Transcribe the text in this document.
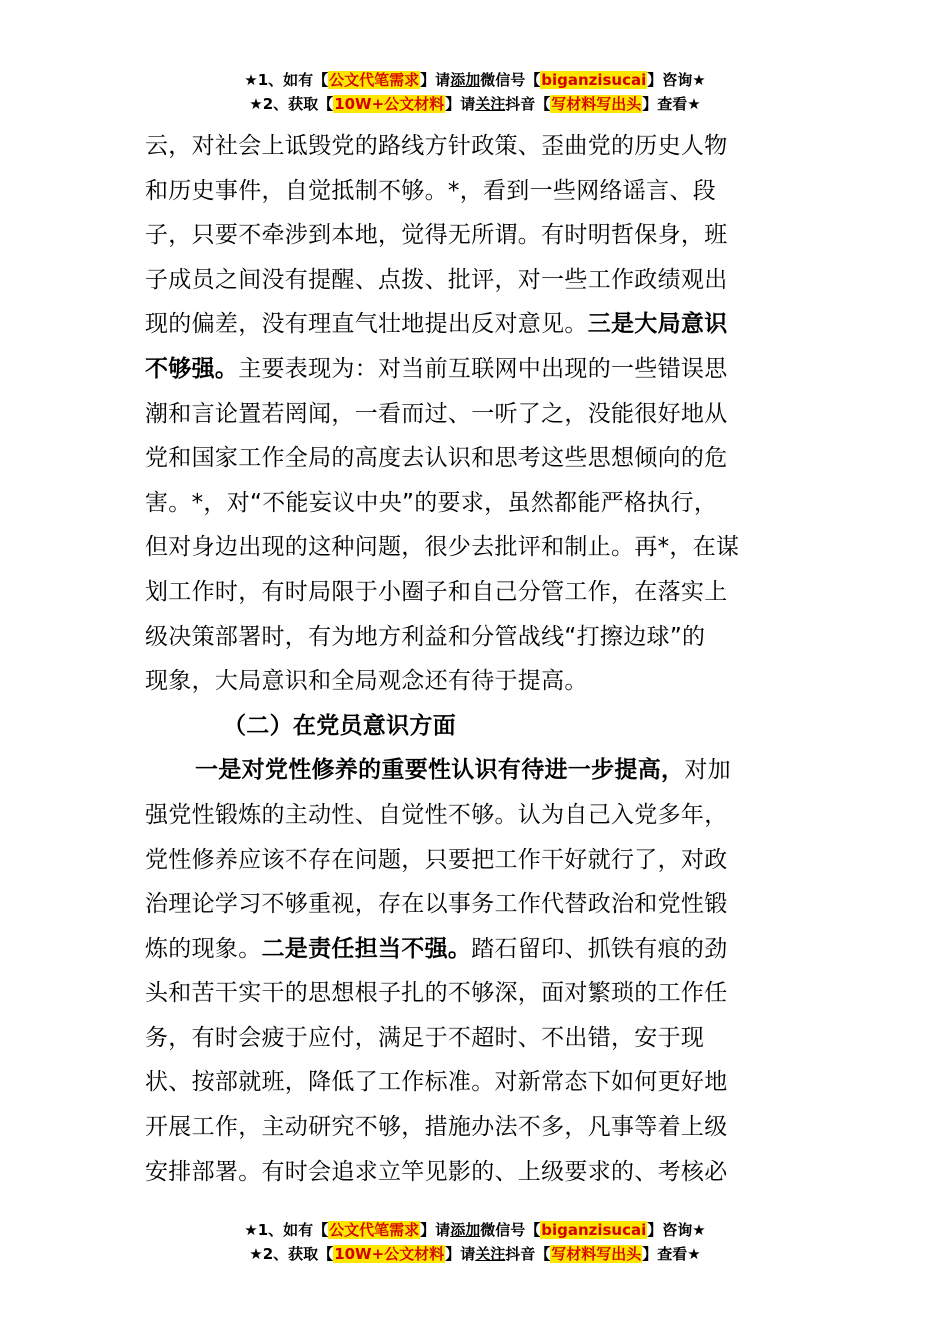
★1、如有【公文代笔需求】请添加微信号【biganzisucai】咨询★
★2、获取【10W+公文材料】请关注抖音【写材料写出头】查看★
云，对社会上诋毁党的路线方针政策、歪曲党的历史人物
和历史事件，自觉抵制不够。*，看到一些网络谣言、段
子，只要不牵涉到本地，觉得无所谓。有时明哲保身，班
子成员之间没有提醒、点拨、批评，对一些工作政绩观出
现的偏差，没有理直气壮地提出反对意见。三是大局意识
不够强。主要表现为：对当前互联网中出现的一些错误思
潮和言论置若罔闻，一看而过、一听了之，没能很好地从
党和国家工作全局的高度去认识和思考这些思想倾向的危
害。*，对“不能妄议中央”的要求，虽然都能严格执行，
但对身边出现的这种问题，很少去批评和制止。再*，在谋
划工作时，有时局限于小圈子和自己分管工作，在落实上
级决策部署时，有为地方利益和分管战线“打擦边球”的
现象，大局意识和全局观念还有待于提高。
（二）在党员意识方面
一是对党性修养的重要性认识有待进一步提高，对加
强党性锻炼的主动性、自觉性不够。认为自己入党多年，
党性修养应该不存在问题，只要把工作干好就行了，对政
治理论学习不够重视，存在以事务工作代替政治和党性锻
炼的现象。二是责任担当不强。踏石留印、抓铁有痕的劲
头和苦干实干的思想根子扎的不够深，面对繁琐的工作任
务，有时会疲于应付，满足于不超时、不出错，安于现
状、按部就班，降低了工作标准。对新常态下如何更好地
开展工作，主动研究不够，措施办法不多，凡事等着上级
安排部署。有时会追求立竿见影的、上级要求的、考核必
★1、如有【公文代笔需求】请添加微信号【biganzisucai】咨询★
★2、获取【10W+公文材料】请关注抖音【写材料写出头】查看★
